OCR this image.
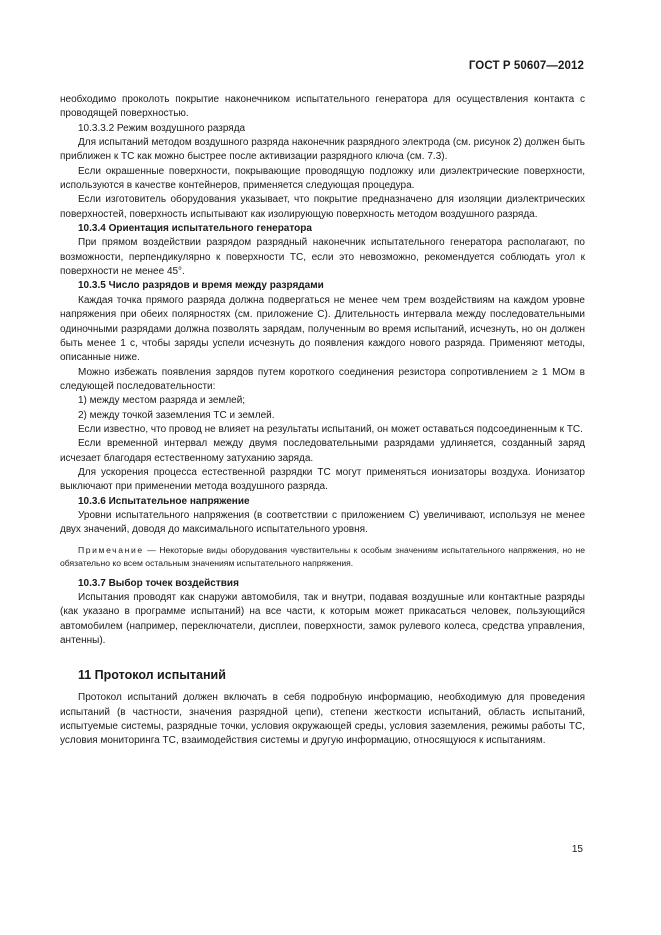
ГОСТ Р 50607—2012

необходимо проколоть покрытие наконечником испытательного генератора для осуществления контакта с проводящей поверхностью.

10.3.3.2 Режим воздушного разряда

Для испытаний методом воздушного разряда наконечник разрядного электрода (см. рисунок 2) должен быть приближен к ТС как можно быстрее после активизации разрядного ключа (см. 7.3).

Если окрашенные поверхности, покрывающие проводящую подложку или диэлектрические поверхности, используются в качестве контейнеров, применяется следующая процедура.

Если изготовитель оборудования указывает, что покрытие предназначено для изоляции диэлектрических поверхностей, поверхность испытывают как изолирующую поверхность методом воздушного разряда.

10.3.4 Ориентация испытательного генератора

При прямом воздействии разрядом разрядный наконечник испытательного генератора располагают, по возможности, перпендикулярно к поверхности ТС, если это невозможно, рекомендуется соблюдать угол к поверхности не менее 45°.

10.3.5 Число разрядов и время между разрядами

Каждая точка прямого разряда должна подвергаться не менее чем трем воздействиям на каждом уровне напряжения при обеих полярностях (см. приложение С). Длительность интервала между последовательными одиночными разрядами должна позволять зарядам, полученным во время испытаний, исчезнуть, но он должен быть менее 1 с, чтобы заряды успели исчезнуть до появления каждого нового разряда. Применяют методы, описанные ниже.

Можно избежать появления зарядов путем короткого соединения резистора сопротивлением ≥ 1 МОм в следующей последовательности:

1) между местом разряда и землей;

2) между точкой заземления ТС и землей.

Если известно, что провод не влияет на результаты испытаний, он может оставаться подсоединенным к ТС.

Если временной интервал между двумя последовательными разрядами удлиняется, созданный заряд исчезает благодаря естественному затуханию заряда.

Для ускорения процесса естественной разрядки ТС могут применяться ионизаторы воздуха. Ионизатор выключают при применении метода воздушного разряда.

10.3.6 Испытательное напряжение

Уровни испытательного напряжения (в соответствии с приложением С) увеличивают, используя не менее двух значений, доводя до максимального испытательного уровня.

Примечание — Некоторые виды оборудования чувствительны к особым значениям испытательного напряжения, но не обязательно ко всем остальным значениям испытательного напряжения.

10.3.7 Выбор точек воздействия

Испытания проводят как снаружи автомобиля, так и внутри, подавая воздушные или контактные разряды (как указано в программе испытаний) на все части, к которым может прикасаться человек, пользующийся автомобилем (например, переключатели, дисплеи, поверхности, замок рулевого колеса, средства управления, антенны).

11 Протокол испытаний

Протокол испытаний должен включать в себя подробную информацию, необходимую для проведения испытаний (в частности, значения разрядной цепи), степени жесткости испытаний, область испытаний, испытуемые системы, разрядные точки, условия окружающей среды, условия заземления, режимы работы ТС, условия мониторинга ТС, взаимодействия системы и другую информацию, относящуюся к испытаниям.

15
